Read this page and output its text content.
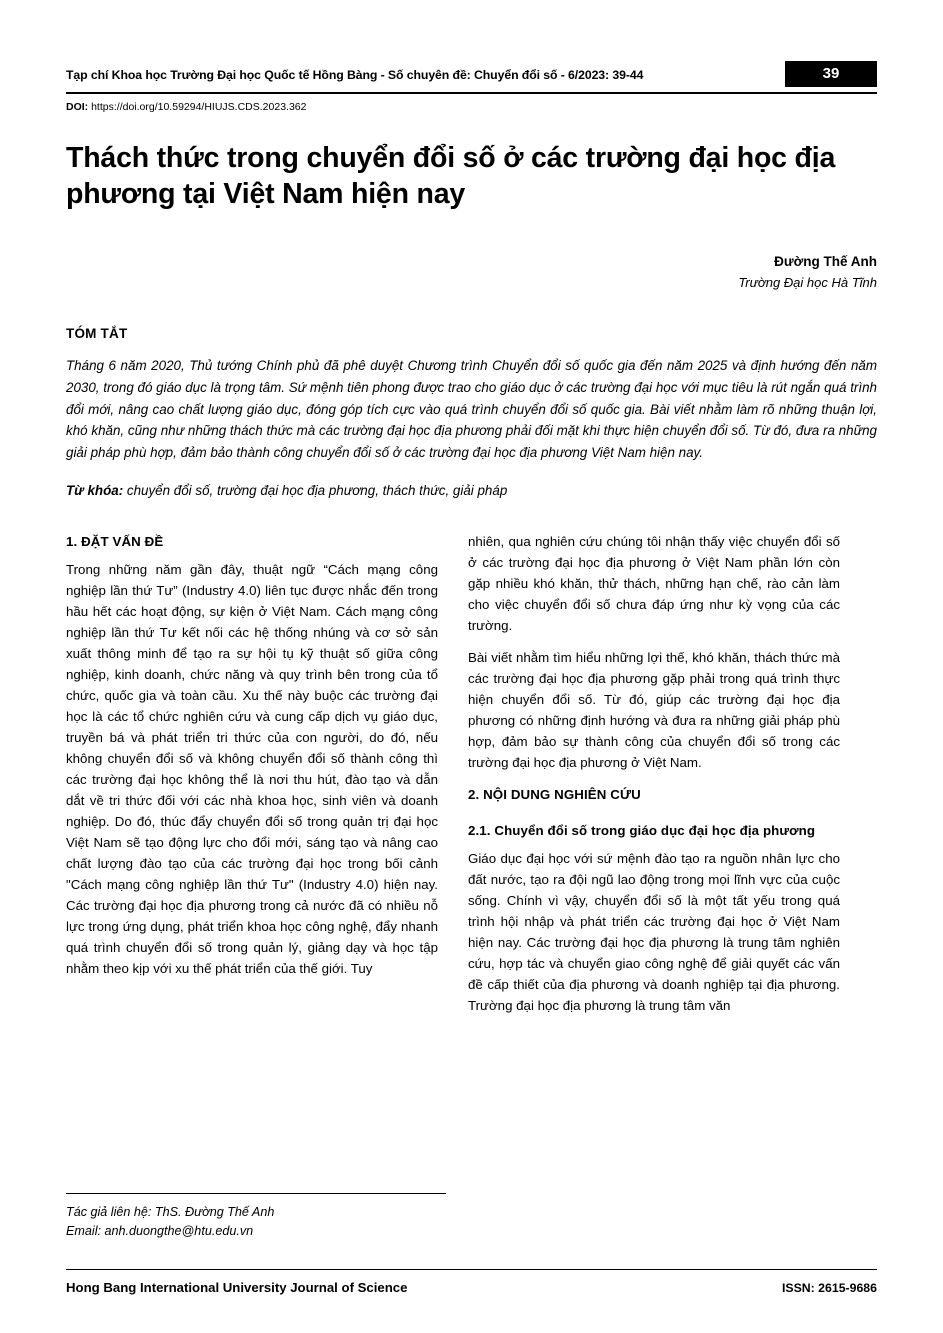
Tạp chí Khoa học Trường Đại học Quốc tế Hồng Bàng - Số chuyên đề: Chuyển đổi số - 6/2023: 39-44	39
DOI: https://doi.org/10.59294/HIUJS.CDS.2023.362
Thách thức trong chuyển đổi số ở các trường đại học địa phương tại Việt Nam hiện nay
Đường Thế Anh
Trường Đại học Hà Tĩnh
TÓM TẮT
Tháng 6 năm 2020, Thủ tướng Chính phủ đã phê duyệt Chương trình Chuyển đổi số quốc gia đến năm 2025 và định hướng đến năm 2030, trong đó giáo dục là trọng tâm. Sứ mệnh tiên phong được trao cho giáo dục ở các trường đại học với mục tiêu là rút ngắn quá trình đổi mới, nâng cao chất lượng giáo dục, đóng góp tích cực vào quá trình chuyển đổi số quốc gia. Bài viết nhằm làm rõ những thuận lợi, khó khăn, cũng như những thách thức mà các trường đại học địa phương phải đối mặt khi thực hiện chuyển đổi số. Từ đó, đưa ra những giải pháp phù hợp, đảm bảo thành công chuyển đổi số ở các trường đại học địa phương Việt Nam hiện nay.
Từ khóa: chuyển đổi số, trường đại học địa phương, thách thức, giải pháp
1. ĐẶT VẤN ĐỀ

Trong những năm gần đây, thuật ngữ “Cách mạng công nghiệp lần thứ Tư” (Industry 4.0) liên tục được nhắc đến trong hầu hết các hoạt động, sự kiện ở Việt Nam. Cách mạng công nghiệp lần thứ Tư kết nối các hệ thống nhúng và cơ sở sản xuất thông minh để tạo ra sự hội tụ kỹ thuật số giữa công nghiệp, kinh doanh, chức năng và quy trình bên trong của tổ chức, quốc gia và toàn cầu. Xu thế này buộc các trường đại học là các tổ chức nghiên cứu và cung cấp dịch vụ giáo dục, truyền bá và phát triển tri thức của con người, do đó, nếu không chuyển đổi số và không chuyển đổi số thành công thì các trường đại học không thể là nơi thu hút, đào tạo và dẫn dắt về tri thức đối với các nhà khoa học, sinh viên và doanh nghiệp. Do đó, thúc đẩy chuyển đổi số trong quản trị đại học Việt Nam sẽ tạo động lực cho đổi mới, sáng tạo và nâng cao chất lượng đào tạo của các trường đại học trong bối cảnh "Cách mạng công nghiệp lần thứ Tư" (Industry 4.0) hiện nay. Các trường đại học địa phương trong cả nước đã có nhiều nỗ lực trong ứng dụng, phát triển khoa học công nghệ, đẩy nhanh quá trình chuyển đổi số trong quản lý, giảng dạy và học tập nhằm theo kịp với xu thế phát triển của thế giới. Tuy

nhiên, qua nghiên cứu chúng tôi nhận thấy việc chuyển đổi số ở các trường đại học địa phương ở Việt Nam phần lớn còn gặp nhiều khó khăn, thử thách, những hạn chế, rào cản làm cho việc chuyển đổi số chưa đáp ứng như kỳ vọng của các trường.

Bài viết nhằm tìm hiểu những lợi thế, khó khăn, thách thức mà các trường đại học địa phương gặp phải trong quá trình thực hiện chuyển đổi số. Từ đó, giúp các trường đại học địa phương có những định hướng và đưa ra những giải pháp phù hợp, đảm bảo sự thành công của chuyển đổi số trong các trường đại học địa phương ở Việt Nam.

2. NỘI DUNG NGHIÊN CỨU
2.1. Chuyển đổi số trong giáo dục đại học địa phương

Giáo dục đại học với sứ mệnh đào tạo ra nguồn nhân lực cho đất nước, tạo ra đội ngũ lao động trong mọi lĩnh vực của cuộc sống. Chính vì vậy, chuyển đổi số là một tất yếu trong quá trình hội nhập và phát triển các trường đại học ở Việt Nam hiện nay. Các trường đại học địa phương là trung tâm nghiên cứu, hợp tác và chuyển giao công nghệ để giải quyết các vấn đề cấp thiết của địa phương và doanh nghiệp tại địa phương. Trường đại học địa phương là trung tâm văn

Tác giả liên hệ: ThS. Đường Thế Anh
Email: anh.duongthe@htu.edu.vn
Hong Bang International University Journal of Science	ISSN: 2615-9686
